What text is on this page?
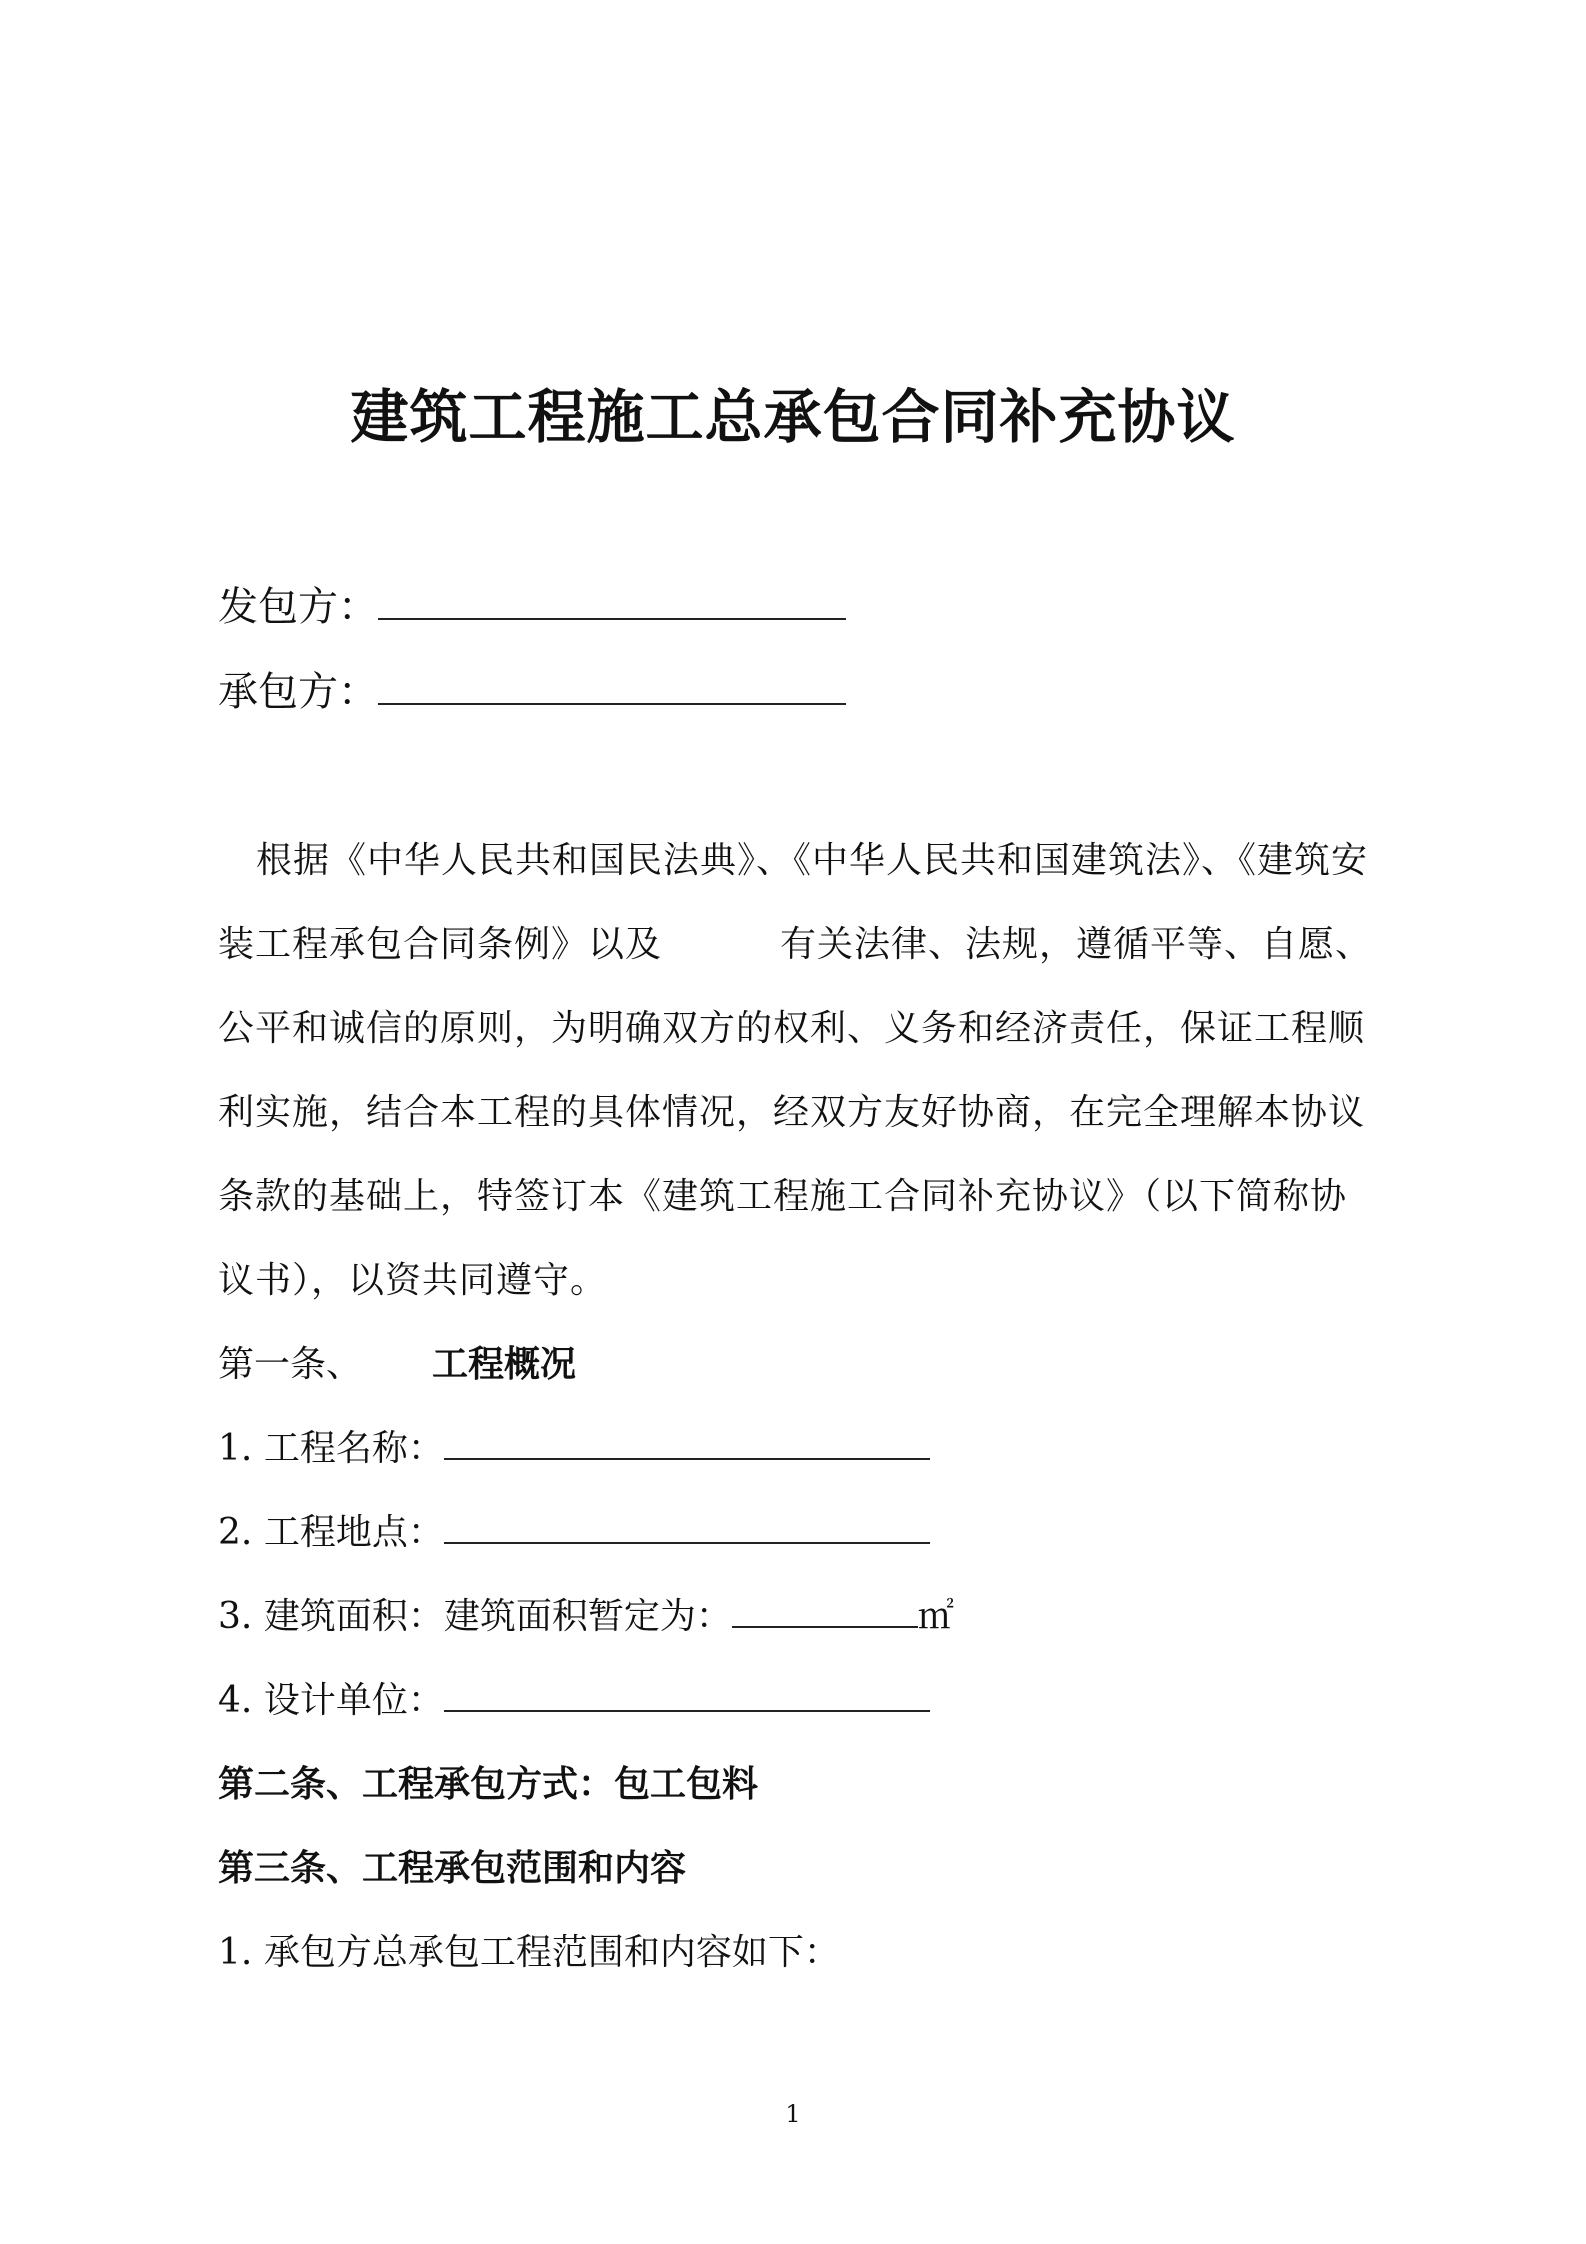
建筑工程施工总承包合同补充协议
发包方：
承包方：
根据《中华人民共和国民法典》、《中华人民共和国建筑法》、《建筑安
装工程承包合同条例》以及	有关法律、法规，遵循平等、自愿、
公平和诚信的原则，为明确双方的权利、义务和经济责任，保证工程顺
利实施，结合本工程的具体情况，经双方友好协商，在完全理解本协议
条款的基础上，特签订本《建筑工程施工合同补充协议》（以下简称协
议书），以资共同遵守。
第一条、 工程概况
1. 工程名称：
2. 工程地点：
3. 建筑面积：建筑面积暂定为：	㎡
4. 设计单位：
第二条、工程承包方式：包工包料
第三条、工程承包范围和内容
1. 承包方总承包工程范围和内容如下：
1
